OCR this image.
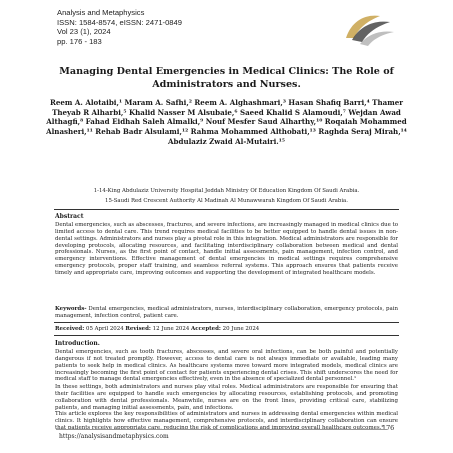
Analysis and Metaphysics
ISSN: 1584-8574, eISSN: 2471-0849
Vol 23 (1), 2024
pp. 176 - 183
Managing Dental Emergencies in Medical Clinics: The Role of Administrators and Nurses.
Reem A. Alotaibi,¹ Maram A. Safhi,² Reem A. Alghashmari,³ Hasan Shafiq Barri,⁴ Thamer Theyab R Alharbi,⁵ Khalid Nasser M Alsubaie,⁶ Saeed Khalid S Alamoudi,⁷ Wejdan Awad Althagfi,⁸ Fahad Eidhah Saleh Almalki,⁹ Nouf Mesfer Saud Alharthy,¹⁰ Roqaiah Mohammed Alnasheri,¹¹ Rehab Badr Alsulami,¹² Rahma Mohammed Althobati,¹³ Raghda Seraj Mirah,¹⁴ Abdulaziz Zwaid Al-Mutairi.¹⁵
1-14-King Abdulaziz University Hospital Jeddah Ministry Of Education Kingdom Of Saudi Arabia.
15-Saudi Red Crescent Authority Al Madinah Al Munawwarah Kingdom Of Saudi Arabia.
Abstract
Dental emergencies, such as abscesses, fractures, and severe infections, are increasingly managed in medical clinics due to limited access to dental care. This trend requires medical facilities to be better equipped to handle dental issues in non-dental settings. Administrators and nurses play a pivotal role in this integration. Medical administrators are responsible for developing protocols, allocating resources, and facilitating interdisciplinary collaboration between medical and dental professionals. Nurses, as the first point of contact, handle initial assessments, pain management, infection control, and emergency interventions. Effective management of dental emergencies in medical settings requires comprehensive emergency protocols, proper staff training, and seamless referral systems. This approach ensures that patients receive timely and appropriate care, improving outcomes and supporting the development of integrated healthcare models.
Keywords- Dental emergencies, medical administrators, nurses, interdisciplinary collaboration, emergency protocols, pain management, infection control, patient care.
Received: 05 April 2024 Revised: 12 June 2024 Accepted: 20 June 2024
Introduction.
Dental emergencies, such as tooth fractures, abscesses, and severe oral infections, can be both painful and potentially dangerous if not treated promptly. However, access to dental care is not always immediate or available, leading many patients to seek help in medical clinics. As healthcare systems move toward more integrated models, medical clinics are increasingly becoming the first point of contact for patients experiencing dental crises. This shift underscores the need for medical staff to manage dental emergencies effectively, even in the absence of specialized dental personnel.¹
In these settings, both administrators and nurses play vital roles. Medical administrators are responsible for ensuring that their facilities are equipped to handle such emergencies by allocating resources, establishing protocols, and promoting collaboration with dental professionals. Meanwhile, nurses are on the front lines, providing critical care, stabilizing patients, and managing initial assessments, pain, and infections.
This article explores the key responsibilities of administrators and nurses in addressing dental emergencies within medical clinics. It highlights how effective management, comprehensive protocols, and interdisciplinary collaboration can ensure that patients receive appropriate care, reducing the risk of complications and improving overall healthcare outcomes.²
176
https://analysisandmetaphysics.com
